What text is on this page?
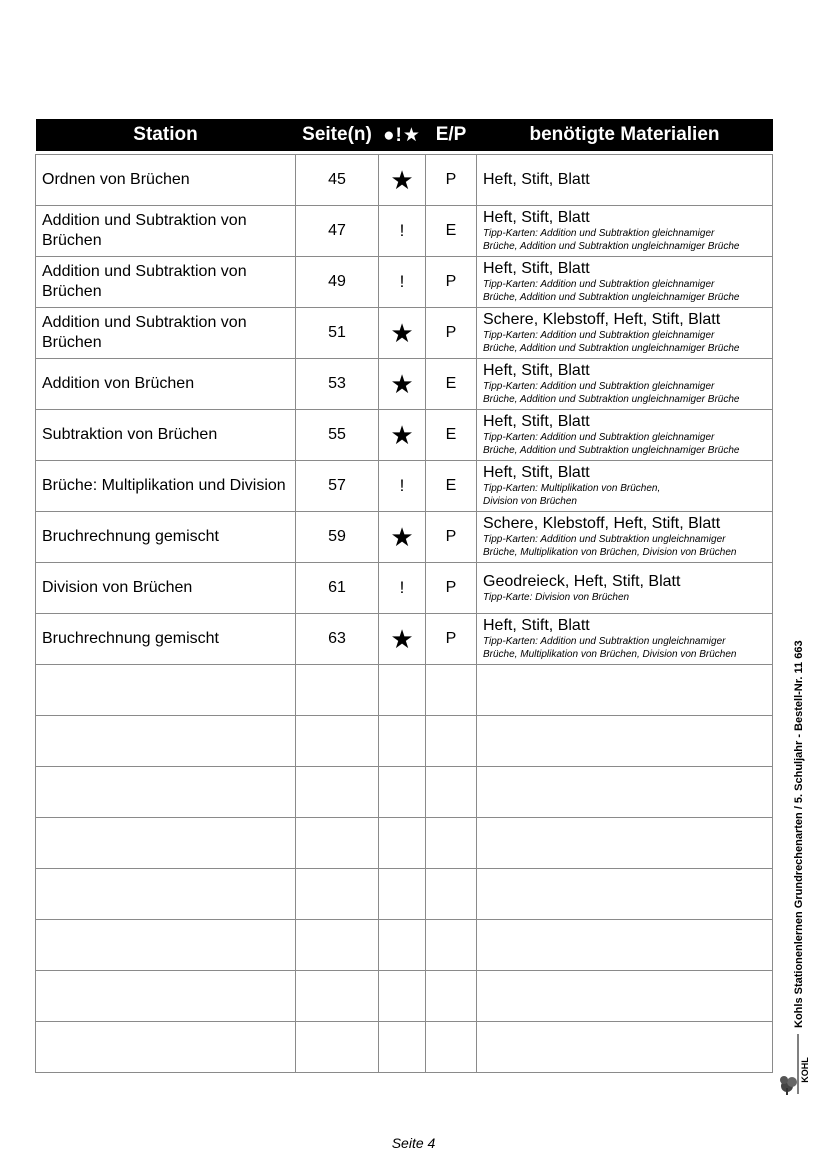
Station	Seite(n)	●!★	E/P	benötigte Materialien

Ordnen von Brüchen	45	★	P	Heft, Stift, Blatt

Addition und Subtraktion von Brüchen	47	!	E	Heft, Stift, Blatt
Tipp-Karten: Addition und Subtraktion gleichnamiger
Brüche, Addition und Subtraktion ungleichnamiger Brüche

Addition und Subtraktion von Brüchen	49	!	P	Heft, Stift, Blatt
Tipp-Karten: Addition und Subtraktion gleichnamiger
Brüche, Addition und Subtraktion ungleichnamiger Brüche

Addition und Subtraktion von Brüchen	51	★	P	Schere, Klebstoff, Heft, Stift, Blatt
Tipp-Karten: Addition und Subtraktion gleichnamiger
Brüche, Addition und Subtraktion ungleichnamiger Brüche

Addition von Brüchen	53	★	E	Heft, Stift, Blatt
Tipp-Karten: Addition und Subtraktion gleichnamiger
Brüche, Addition und Subtraktion ungleichnamiger Brüche

Subtraktion von Brüchen	55	★	E	Heft, Stift, Blatt
Tipp-Karten: Addition und Subtraktion gleichnamiger
Brüche, Addition und Subtraktion ungleichnamiger Brüche

Brüche: Multiplikation und Division	57	!	E	Heft, Stift, Blatt
Tipp-Karten: Multiplikation von Brüchen,
Division von Brüchen

Bruchrechnung gemischt	59	★	P	Schere, Klebstoff, Heft, Stift, Blatt
Tipp-Karten: Addition und Subtraktion ungleichnamiger
Brüche, Multiplikation von Brüchen, Division von Brüchen

Division von Brüchen	61	!	P	Geodreieck, Heft, Stift, Blatt
Tipp-Karte: Division von Brüchen

Bruchrechnung gemischt	63	★	P	Heft, Stift, Blatt
Tipp-Karten: Addition und Subtraktion ungleichnamiger
Brüche, Multiplikation von Brüchen, Division von Brüchen

Seite 4
Kohls Stationenlernen Grundrechenarten / 5. Schuljahr - Bestell-Nr. 11 663
KOHL
